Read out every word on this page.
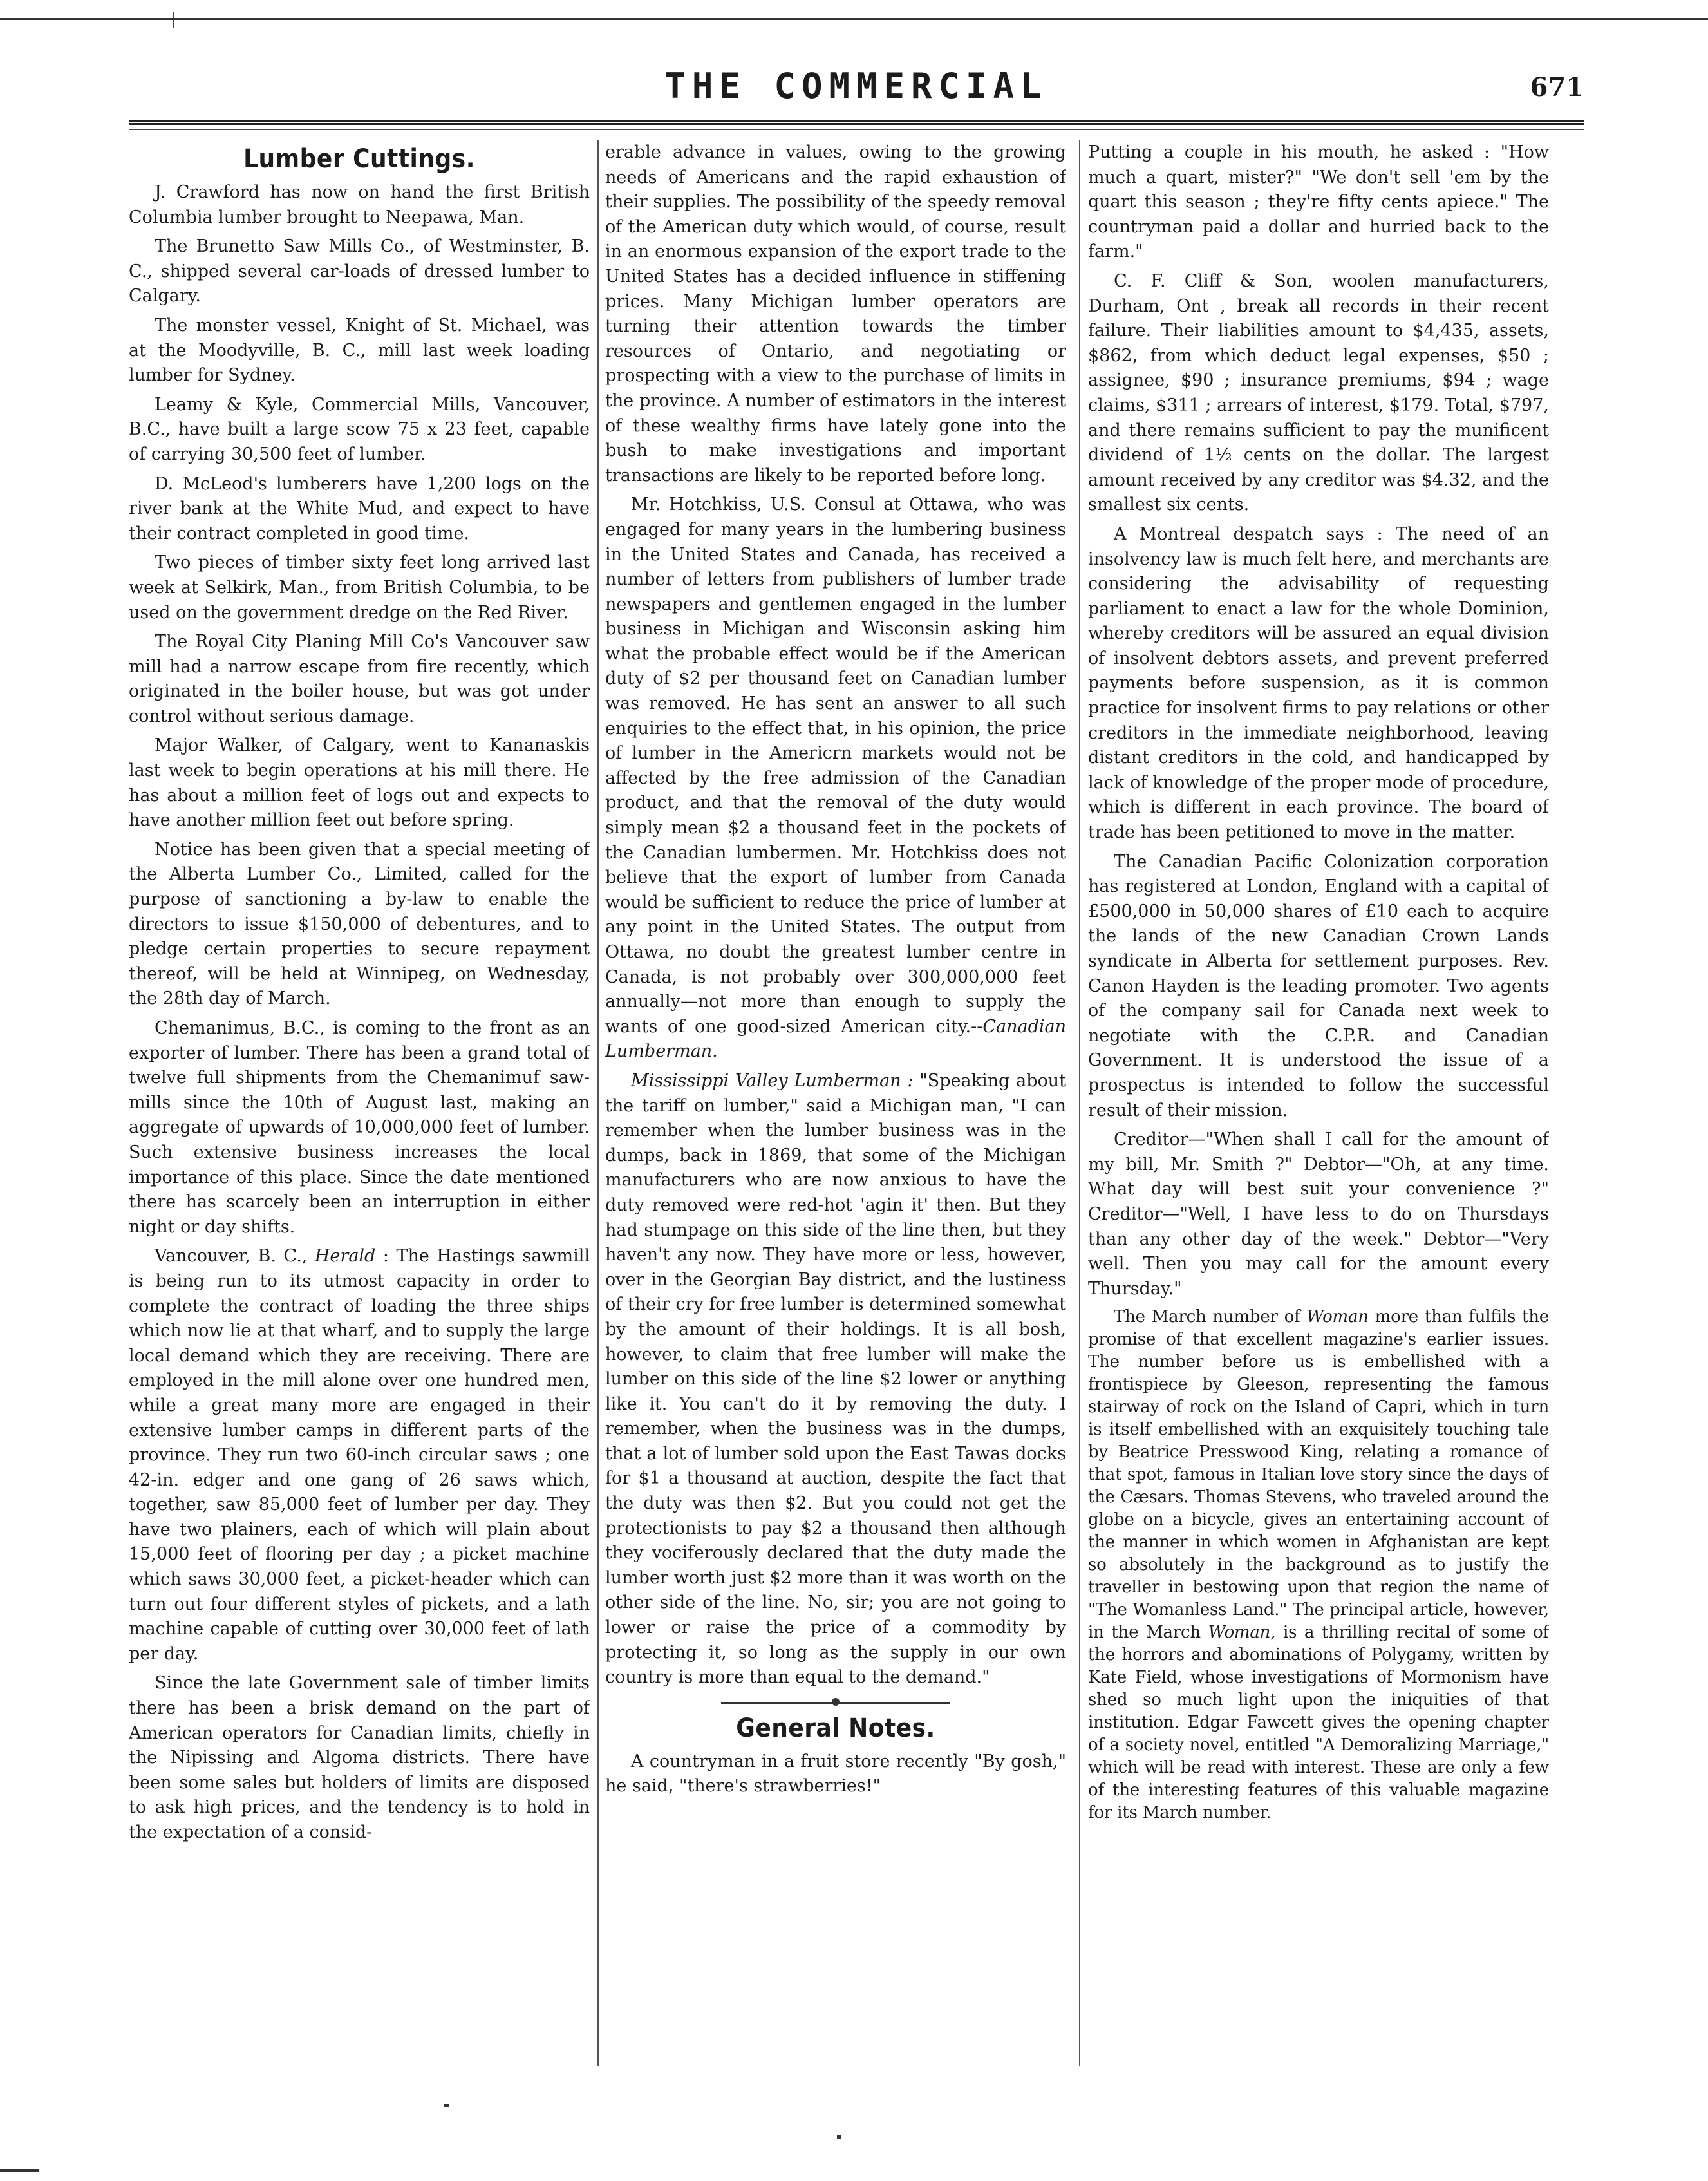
THE COMMERCIAL	671
Lumber Cuttings.

J. Crawford has now on hand the first British Columbia lumber brought to Neepawa, Man.

The Brunetto Saw Mills Co., of Westminster, B. C., shipped several car-loads of dressed lumber to Calgary.

The monster vessel, Knight of St. Michael, was at the Moodyville, B. C., mill last week loading lumber for Sydney.

Leamy & Kyle, Commercial Mills, Vancouver, B.C., have built a large scow 75 x 23 feet, capable of carrying 30,500 feet of lumber.

D. McLeod's lumberers have 1,200 logs on the river bank at the White Mud, and expect to have their contract completed in good time.

Two pieces of timber sixty feet long arrived last week at Selkirk, Man., from British Columbia, to be used on the government dredge on the Red River.

The Royal City Planing Mill Co's Vancouver saw mill had a narrow escape from fire recently, which originated in the boiler house, but was got under control without serious damage.

Major Walker, of Calgary, went to Kananaskis last week to begin operations at his mill there. He has about a million feet of logs out and expects to have another million feet out before spring.

Notice has been given that a special meeting of the Alberta Lumber Co., Limited, called for the purpose of sanctioning a by-law to enable the directors to issue $150,000 of debentures, and to pledge certain properties to secure repayment thereof, will be held at Winnipeg, on Wednesday, the 28th day of March.

Chemanimus, B.C., is coming to the front as an exporter of lumber. There has been a grand total of twelve full shipments from the Chemanimuf saw-mills since the 10th of August last, making an aggregate of upwards of 10,000,000 feet of lumber. Such extensive business increases the local importance of this place. Since the date mentioned there has scarcely been an interruption in either night or day shifts.

Vancouver, B. C., Herald : The Hastings sawmill is being run to its utmost capacity in order to complete the contract of loading the three ships which now lie at that wharf, and to supply the large local demand which they are receiving. There are employed in the mill alone over one hundred men, while a great many more are engaged in their extensive lumber camps in different parts of the province. They run two 60-inch circular saws ; one 42-in. edger and one gang of 26 saws which, together, saw 85,000 feet of lumber per day. They have two plainers, each of which will plain about 15,000 feet of flooring per day ; a picket machine which saws 30,000 feet, a picket-header which can turn out four different styles of pickets, and a lath machine capable of cutting over 30,000 feet of lath per day.

Since the late Government sale of timber limits there has been a brisk demand on the part of American operators for Canadian limits, chiefly in the Nipissing and Algoma districts. There have been some sales but holders of limits are disposed to ask high prices, and the tendency is to hold in the expectation of a consid-

erable advance in values, owing to the growing needs of Americans and the rapid exhaustion of their supplies. The possibility of the speedy removal of the American duty which would, of course, result in an enormous expansion of the export trade to the United States has a decided influence in stiffening prices. Many Michigan lumber operators are turning their attention towards the timber resources of Ontario, and negotiating or prospecting with a view to the purchase of limits in the province. A number of estimators in the interest of these wealthy firms have lately gone into the bush to make investigations and important transactions are likely to be reported before long.

Mr. Hotchkiss, U.S. Consul at Ottawa, who was engaged for many years in the lumbering business in the United States and Canada, has received a number of letters from publishers of lumber trade newspapers and gentlemen engaged in the lumber business in Michigan and Wisconsin asking him what the probable effect would be if the American duty of $2 per thousand feet on Canadian lumber was removed. He has sent an answer to all such enquiries to the effect that, in his opinion, the price of lumber in the Americrn markets would not be affected by the free admission of the Canadian product, and that the removal of the duty would simply mean $2 a thousand feet in the pockets of the Canadian lumbermen. Mr. Hotchkiss does not believe that the export of lumber from Canada would be sufficient to reduce the price of lumber at any point in the United States. The output from Ottawa, no doubt the greatest lumber centre in Canada, is not probably over 300,000,000 feet annually—not more than enough to supply the wants of one good-sized American city.--Canadian Lumberman.

Mississippi Valley Lumberman : "Speaking about the tariff on lumber," said a Michigan man, "I can remember when the lumber business was in the dumps, back in 1869, that some of the Michigan manufacturers who are now anxious to have the duty removed were red-hot 'agin it' then. But they had stumpage on this side of the line then, but they haven't any now. They have more or less, however, over in the Georgian Bay district, and the lustiness of their cry for free lumber is determined somewhat by the amount of their holdings. It is all bosh, however, to claim that free lumber will make the lumber on this side of the line $2 lower or anything like it. You can't do it by removing the duty. I remember, when the business was in the dumps, that a lot of lumber sold upon the East Tawas docks for $1 a thousand at auction, despite the fact that the duty was then $2. But you could not get the protectionists to pay $2 a thousand then although they vociferously declared that the duty made the lumber worth just $2 more than it was worth on the other side of the line. No, sir; you are not going to lower or raise the price of a commodity by protecting it, so long as the supply in our own country is more than equal to the demand."

General Notes.

A countryman in a fruit store recently "By gosh," he said, "there's strawberries!"

Putting a couple in his mouth, he asked : "How much a quart, mister?" "We don't sell 'em by the quart this season ; they're fifty cents apiece." The countryman paid a dollar and hurried back to the farm."

C. F. Cliff & Son, woolen manufacturers, Durham, Ont , break all records in their recent failure. Their liabilities amount to $4,435, assets, $862, from which deduct legal expenses, $50 ; assignee, $90 ; insurance premiums, $94 ; wage claims, $311 ; arrears of interest, $179. Total, $797, and there remains sufficient to pay the munificent dividend of 1½ cents on the dollar. The largest amount received by any creditor was $4.32, and the smallest six cents.

A Montreal despatch says : The need of an insolvency law is much felt here, and merchants are considering the advisability of requesting parliament to enact a law for the whole Dominion, whereby creditors will be assured an equal division of insolvent debtors assets, and prevent preferred payments before suspension, as it is common practice for insolvent firms to pay relations or other creditors in the immediate neighborhood, leaving distant creditors in the cold, and handicapped by lack of knowledge of the proper mode of procedure, which is different in each province. The board of trade has been petitioned to move in the matter.

The Canadian Pacific Colonization corporation has registered at London, England with a capital of £500,000 in 50,000 shares of £10 each to acquire the lands of the new Canadian Crown Lands syndicate in Alberta for settlement purposes. Rev. Canon Hayden is the leading promoter. Two agents of the company sail for Canada next week to negotiate with the C.P.R. and Canadian Government. It is understood the issue of a prospectus is intended to follow the successful result of their mission.

Creditor—"When shall I call for the amount of my bill, Mr. Smith ?" Debtor—"Oh, at any time. What day will best suit your convenience ?" Creditor—"Well, I have less to do on Thursdays than any other day of the week." Debtor—"Very well. Then you may call for the amount every Thursday."

The March number of Woman more than fulfils the promise of that excellent magazine's earlier issues. The number before us is embellished with a frontispiece by Gleeson, representing the famous stairway of rock on the Island of Capri, which in turn is itself embellished with an exquisitely touching tale by Beatrice Presswood King, relating a romance of that spot, famous in Italian love story since the days of the Cæsars. Thomas Stevens, who traveled around the globe on a bicycle, gives an entertaining account of the manner in which women in Afghanistan are kept so absolutely in the background as to justify the traveller in bestowing upon that region the name of "The Womanless Land." The principal article, however, in the March Woman, is a thrilling recital of some of the horrors and abominations of Polygamy, written by Kate Field, whose investigations of Mormonism have shed so much light upon the iniquities of that institution. Edgar Fawcett gives the opening chapter of a society novel, entitled "A Demoralizing Marriage," which will be read with interest. These are only a few of the interesting features of this valuable magazine for its March number.
